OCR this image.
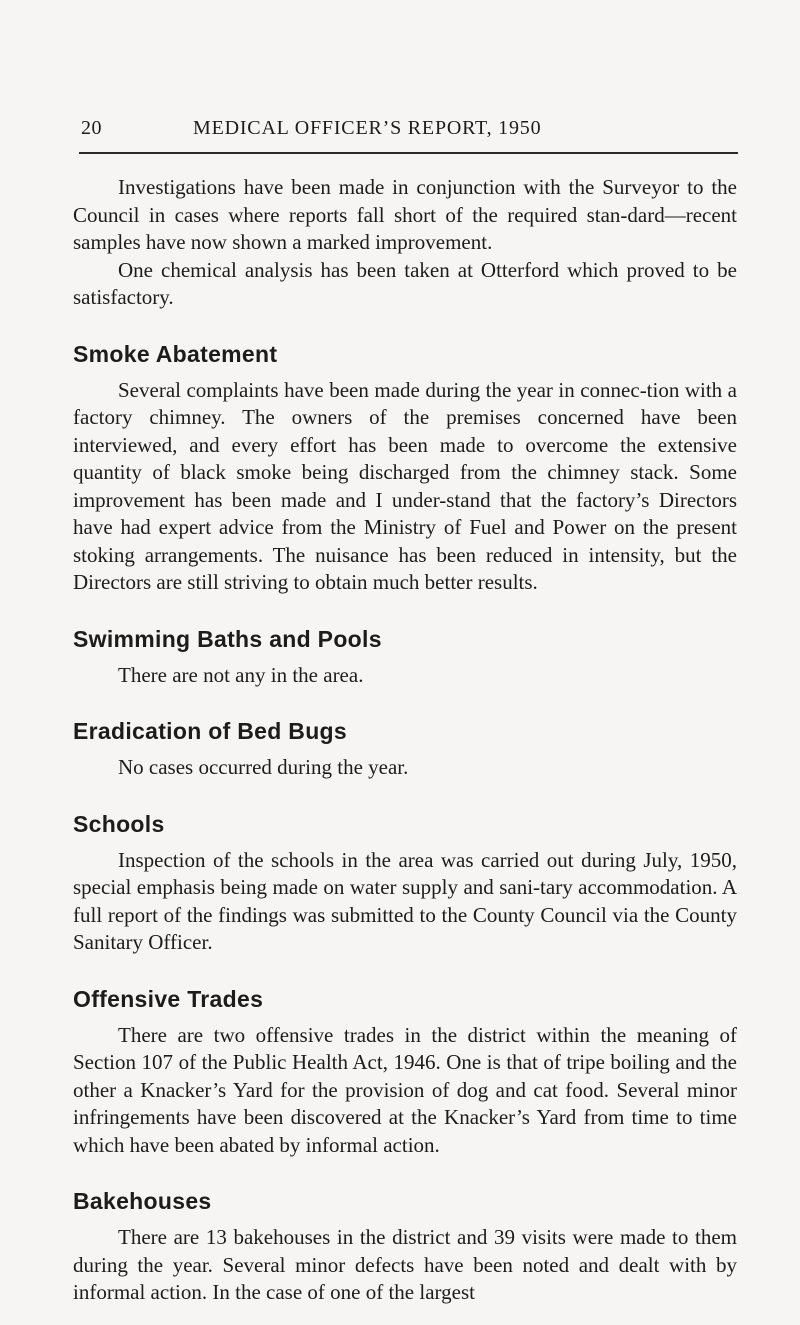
20	MEDICAL OFFICER’S REPORT, 1950

Investigations have been made in conjunction with the Surveyor to the Council in cases where reports fall short of the required stan-dard—recent samples have now shown a marked improvement.

One chemical analysis has been taken at Otterford which proved to be satisfactory.

Smoke Abatement

Several complaints have been made during the year in connec-tion with a factory chimney. The owners of the premises concerned have been interviewed, and every effort has been made to overcome the extensive quantity of black smoke being discharged from the chimney stack. Some improvement has been made and I under-stand that the factory’s Directors have had expert advice from the Ministry of Fuel and Power on the present stoking arrangements. The nuisance has been reduced in intensity, but the Directors are still striving to obtain much better results.

Swimming Baths and Pools

There are not any in the area.

Eradication of Bed Bugs

No cases occurred during the year.

Schools

Inspection of the schools in the area was carried out during July, 1950, special emphasis being made on water supply and sani-tary accommodation. A full report of the findings was submitted to the County Council via the County Sanitary Officer.

Offensive Trades

There are two offensive trades in the district within the meaning of Section 107 of the Public Health Act, 1946. One is that of tripe boiling and the other a Knacker’s Yard for the provision of dog and cat food. Several minor infringements have been discovered at the Knacker’s Yard from time to time which have been abated by informal action.

Bakehouses

There are 13 bakehouses in the district and 39 visits were made to them during the year. Several minor defects have been noted and dealt with by informal action. In the case of one of the largest
